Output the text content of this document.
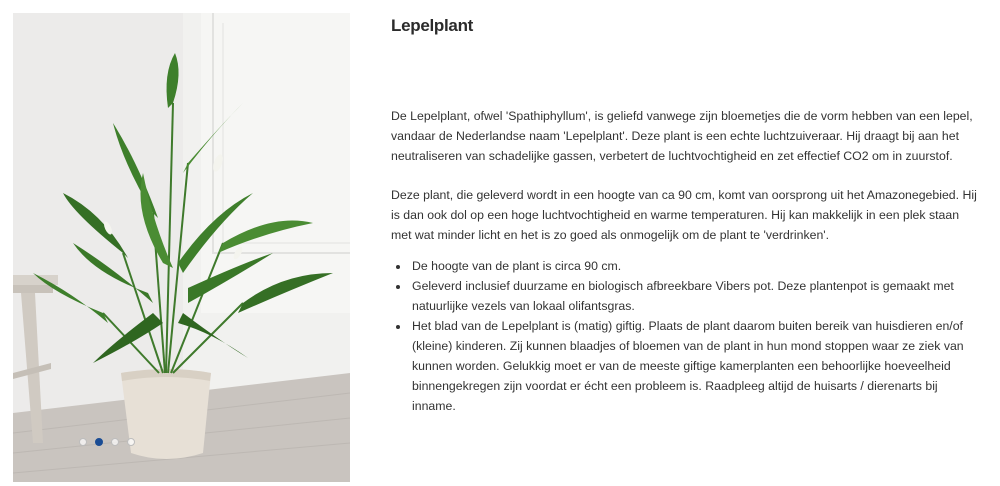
Lepelplant

De Lepelplant, ofwel 'Spathiphyllum', is geliefd vanwege zijn bloemetjes die de vorm hebben van een lepel, vandaar de Nederlandse naam 'Lepelplant'. Deze plant is een echte luchtzuiveraar. Hij draagt bij aan het neutraliseren van schadelijke gassen, verbetert de luchtvochtigheid en zet effectief CO2 om in zuurstof.

Deze plant, die geleverd wordt in een hoogte van ca 90 cm, komt van oorsprong uit het Amazonegebied. Hij is dan ook dol op een hoge luchtvochtigheid en warme temperaturen. Hij kan makkelijk in een plek staan met wat minder licht en het is zo goed als onmogelijk om de plant te 'verdrinken'.

• De hoogte van de plant is circa 90 cm.
• Geleverd inclusief duurzame en biologisch afbreekbare Vibers pot. Deze plantenpot is gemaakt met natuurlijke vezels van lokaal olifantsgras.
• Het blad van de Lepelplant is (matig) giftig. Plaats de plant daarom buiten bereik van huisdieren en/of (kleine) kinderen. Zij kunnen blaadjes of bloemen van de plant in hun mond stoppen waar ze ziek van kunnen worden. Gelukkig moet er van de meeste giftige kamerplanten een behoorlijke hoeveelheid binnengekregen zijn voordat er écht een probleem is. Raadpleeg altijd de huisarts / dierenarts bij inname.
